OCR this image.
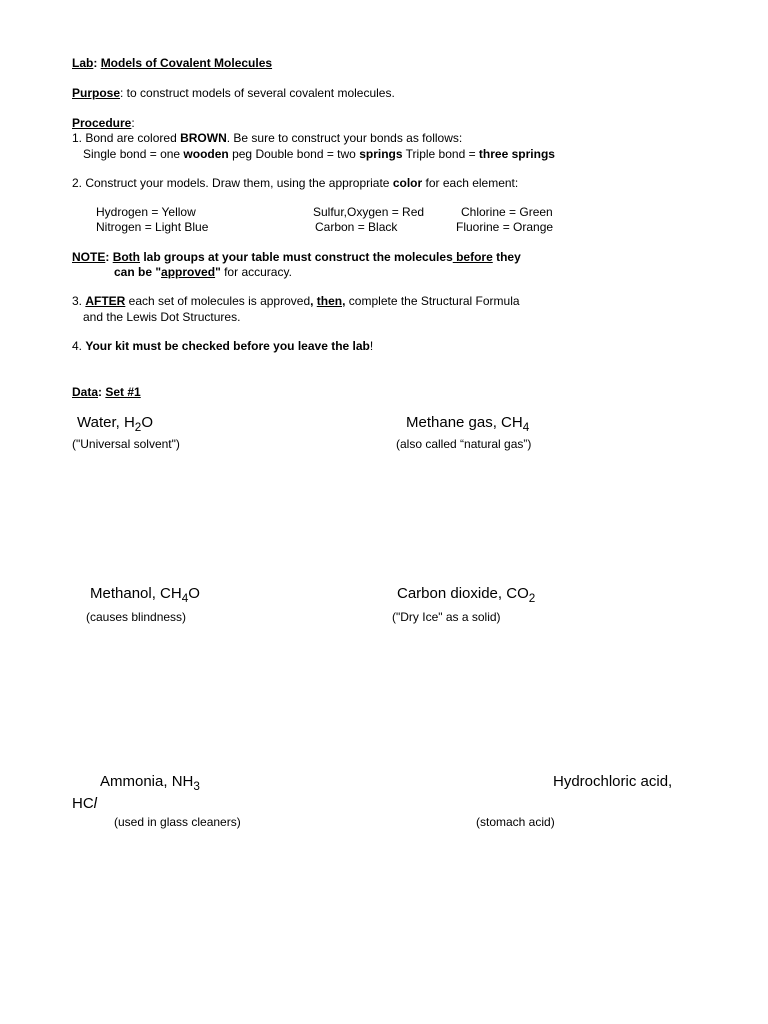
Lab: Models of Covalent Molecules
Purpose: to construct models of several covalent molecules.
Procedure:
1. Bond are colored BROWN. Be sure to construct your bonds as follows:
Single bond = one wooden peg Double bond = two springs Triple bond = three springs
2. Construct your models. Draw them, using the appropriate color for each element:
Hydrogen = Yellow
Nitrogen = Light Blue
Sulfur,Oxygen = Red
Carbon = Black
Chlorine = Green
Fluorine = Orange
NOTE: Both lab groups at your table must construct the molecules before they
can be "approved" for accuracy.
3. AFTER each set of molecules is approved, then, complete the Structural Formula
and the Lewis Dot Structures.
4. Your kit must be checked before you leave the lab!
Data: Set #1
Water, $H_2O$
("Universal solvent")
Methane gas, $CH_4$
(also called “natural gas”)
Methanol, $CH_4O$
(causes blindness)
Carbon dioxide, $CO_2$
("Dry Ice" as a solid)
Ammonia, $NH_3$
(used in glass cleaners)
Hydrochloric acid,
HCl
(stomach acid)
